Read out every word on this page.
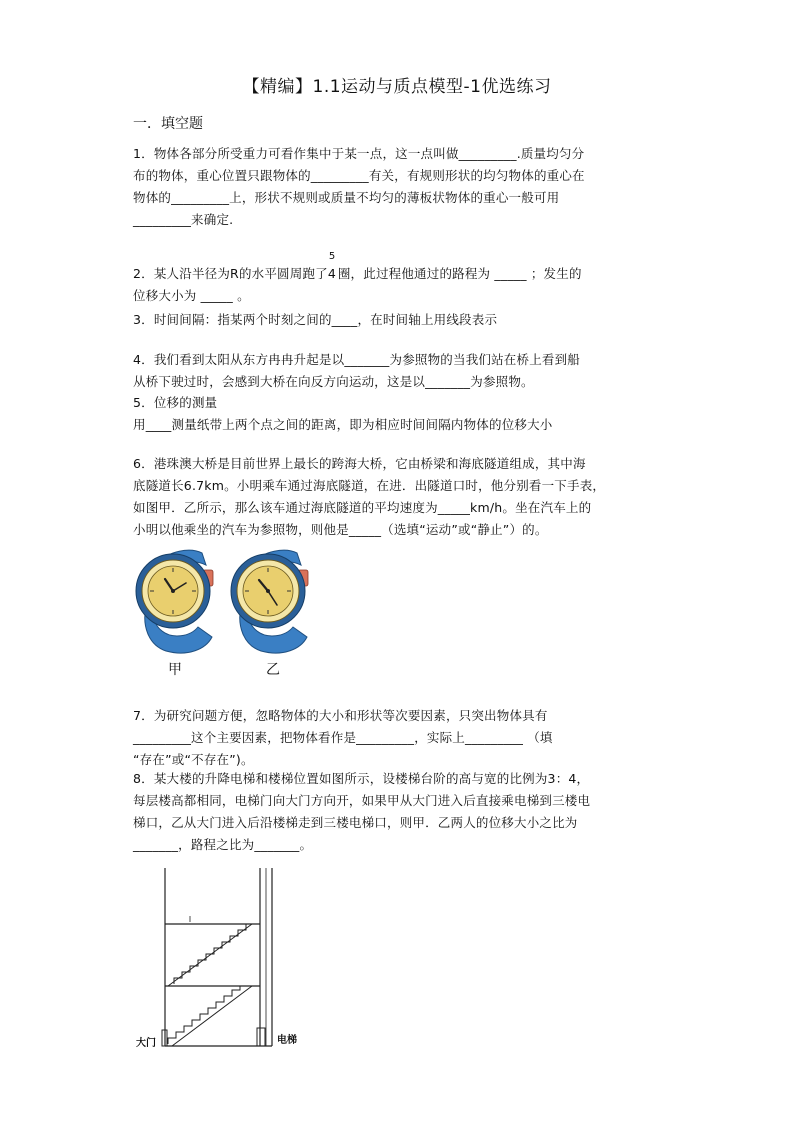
【精编】1.1运动与质点模型-1优选练习
一．填空题

1．物体各部分所受重力可看作集中于某一点，这一点叫做_________.质量均匀分

布的物体，重心位置只跟物体的_________有关，有规则形状的均匀物体的重心在

物体的_________上，形状不规则或质量不均匀的薄板状物体的重心一般可用

_________来确定.

2．某人沿半径为R的水平圆周跑了
5
4 圈，此过程他通过的路程为 _____ ；发生的

位移大小为 _____ 。

3．时间间隔：指某两个时刻之间的____，在时间轴上用线段表示

4．我们看到太阳从东方冉冉升起是以_______为参照物的当我们站在桥上看到船

从桥下驶过时，会感到大桥在向反方向运动，这是以_______为参照物。

5．位移的测量

用____测量纸带上两个点之间的距离，即为相应时间间隔内物体的位移大小

6．港珠澳大桥是目前世界上最长的跨海大桥，它由桥梁和海底隧道组成，其中海

底隧道长6.7km。小明乘车通过海底隧道，在进．出隧道口时，他分别看一下手表，

如图甲．乙所示，那么该车通过海底隧道的平均速度为_____km/h。坐在汽车上的

小明以他乘坐的汽车为参照物，则他是_____（选填“运动”或“静止”）的。

甲	乙

7．为研究问题方便，忽略物体的大小和形状等次要因素，只突出物体具有

_________这个主要因素，把物体看作是_________，实际上_________ （填

“存在”或“不存在”)。

8．某大楼的升降电梯和楼梯位置如图所示，设楼梯台阶的高与宽的比例为3：4，

每层楼高都相同，电梯门向大门方向开，如果甲从大门进入后直接乘电梯到三楼电

梯口，乙从大门进入后沿楼梯走到三楼电梯口，则甲．乙两人的位移大小之比为

_______，路程之比为_______。

大门	电梯
